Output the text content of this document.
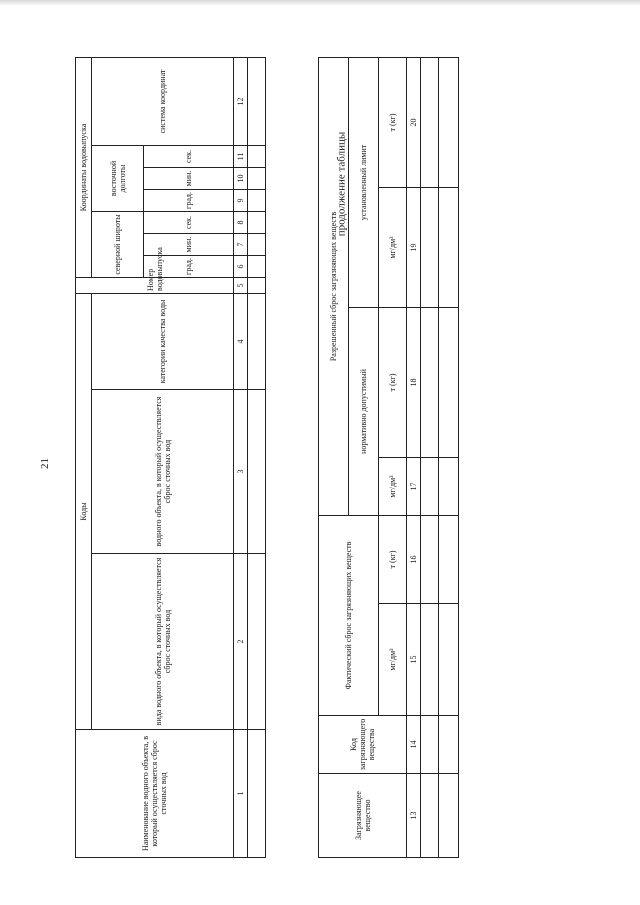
21
Наименование водного объекта, в который осуществляется сброс сточных вод	Коды			Номер водовыпуска	Координаты водовыпуска						
	вида водного объекта, в который осуществляется сброс сточных вод	водного объекта, в который осуществляется сброс сточных вод	категории качества воды		северной широты			восточной долготы			система координат
					град.	мин.	сек.	град.	мин.	сек.	
1	2	3	4	5	6	7	8	9	10	11	12

продолжение таблицы
Загрязняющее вещество	Код загрязняющего вещества	Фактический сброс загрязняющих веществ		Разрешенный сброс загрязняющих веществ			
				нормативно допустимый		установленный лимит	
		мг/дм³	т (кг)	мг/дм³	т (кг)	мг/дм³	т (кг)
13	14	15	16	17	18	19	20
